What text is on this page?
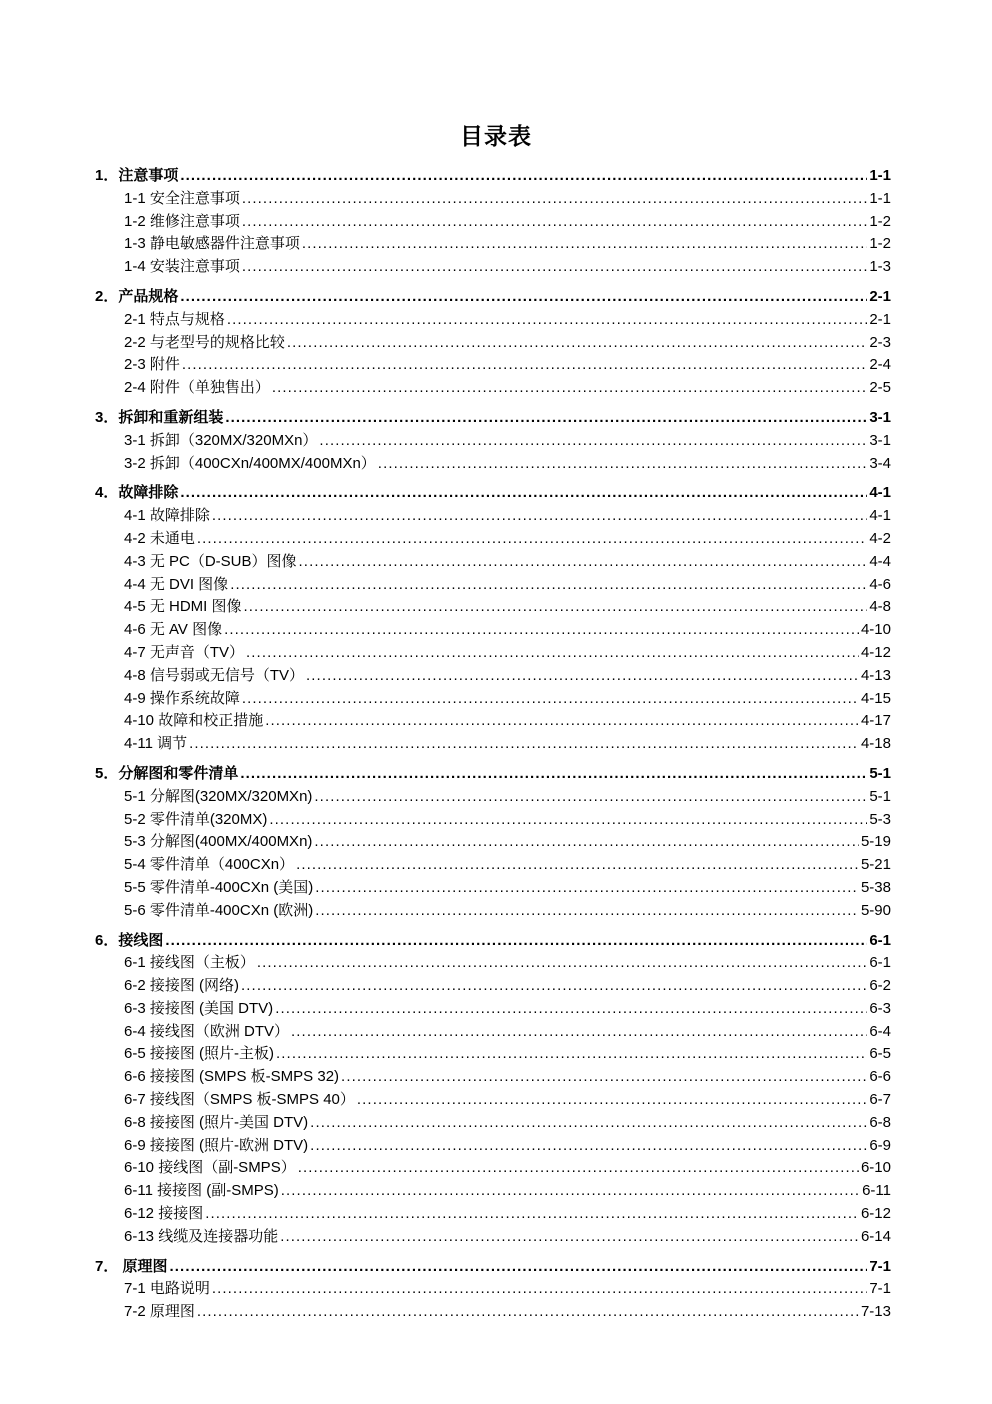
目录表
1．注意事项 .....	1-1
1-1 安全注意事项 .....	1-1
1-2 维修注意事项 .....	1-2
1-3 静电敏感器件注意事项 .....	1-2
1-4 安装注意事项 .....	1-3
2．产品规格 .....	2-1
2-1 特点与规格 .....	2-1
2-2 与老型号的规格比较 .....	2-3
2-3 附件 .....	2-4
2-4 附件（单独售出） .....	2-5
3．拆卸和重新组装 .....	3-1
3-1 拆卸（320MX/320MXn） .....	3-1
3-2 拆卸（400CXn/400MX/400MXn） .....	3-4
4．故障排除 .....	4-1
4-1 故障排除 .....	4-1
4-2 未通电 .....	4-2
4-3 无 PC（D-SUB）图像 .....	4-4
4-4 无 DVI 图像 .....	4-6
4-5 无 HDMI 图像 .....	4-8
4-6 无 AV 图像 .....	4-10
4-7 无声音（TV） .....	4-12
4-8 信号弱或无信号（TV） .....	4-13
4-9 操作系统故障 .....	4-15
4-10 故障和校正措施 .....	4-17
4-11 调节 .....	4-18
5．分解图和零件清单 .....	5-1
5-1 分解图(320MX/320MXn) .....	5-1
5-2 零件清单(320MX) .....	5-3
5-3 分解图(400MX/400MXn) .....	5-19
5-4 零件清单（400CXn） .....	5-21
5-5 零件清单-400CXn (美国) .....	5-38
5-6 零件清单-400CXn (欧洲) .....	5-90
6．接线图 .....	6-1
6-1 接线图（主板） .....	6-1
6-2 接接图 (网络) .....	6-2
6-3 接接图 (美国 DTV) .....	6-3
6-4 接线图（欧洲 DTV） .....	6-4
6-5 接接图 (照片-主板) .....	6-5
6-6 接接图 (SMPS 板-SMPS 32) .....	6-6
6-7 接线图（SMPS 板-SMPS 40） .....	6-7
6-8 接接图 (照片-美国 DTV) .....	6-8
6-9 接接图 (照片-欧洲 DTV) .....	6-9
6-10 接线图（副-SMPS） .....	6-10
6-11 接接图 (副-SMPS) .....	6-11
6-12 接接图 .....	6-12
6-13 线缆及连接器功能 .....	6-14
7． 原理图 .....	7-1
7-1 电路说明 .....	7-1
7-2 原理图 .....	7-13
